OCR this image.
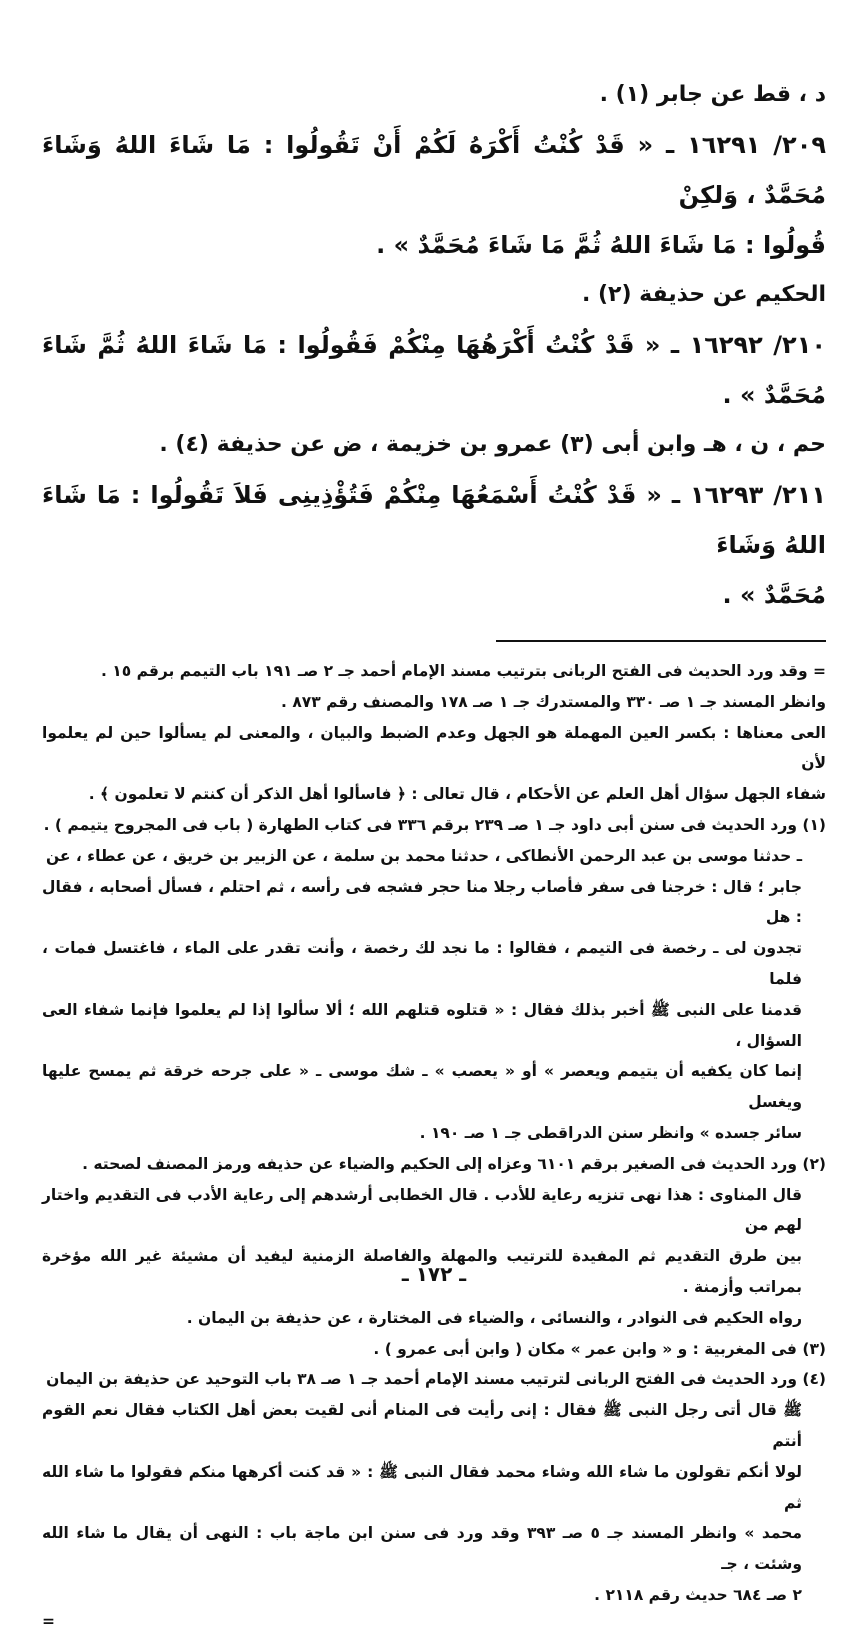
د ، قط عن جابر (١) .

٢٠٩/ ١٦٢٩١ ـ « قَدْ كُنْتُ أَكْرَهُ لَكُمْ أَنْ تَقُولُوا : مَا شَاءَ اللهُ وَشَاءَ مُحَمَّدٌ ، وَلكِنْ

قُولُوا : مَا شَاءَ اللهُ ثُمَّ مَا شَاءَ مُحَمَّدٌ » .

الحكيم عن حذيفة (٢) .

٢١٠/ ١٦٢٩٢ ـ « قَدْ كُنْتُ أَكْرَهُهَا مِنْكُمْ فَقُولُوا : مَا شَاءَ اللهُ ثُمَّ شَاءَ مُحَمَّدٌ » .

حم ، ن ، هـ وابن أبى (٣) عمرو بن خزيمة ، ض عن حذيفة (٤) .

٢١١/ ١٦٢٩٣ ـ « قَدْ كُنْتُ أَسْمَعُهَا مِنْكُمْ فَتُؤْذِينِى فَلاَ تَقُولُوا : مَا شَاءَ اللهُ وَشَاءَ

مُحَمَّدٌ » .

= وقد ورد الحديث فى الفتح الربانى بترتيب مسند الإمام أحمد جـ ٢ صـ ١٩١ باب التيمم برقم ١٥ .

وانظر المسند جـ ١ صـ ٣٣٠ والمستدرك جـ ١ صـ ١٧٨ والمصنف رقم ٨٧٣ .

العى معناها : بكسر العين المهملة هو الجهل وعدم الضبط والبيان ، والمعنى لم يسألوا حين لم يعلموا لأن

شفاء الجهل سؤال أهل العلم عن الأحكام ، قال تعالى : ﴿ فاسألوا أهل الذكر أن كنتم لا تعلمون ﴾ .

(١) ورد الحديث فى سنن أبى داود جـ ١ صـ ٢٣٩ برقم ٣٣٦ فى كتاب الطهارة ( باب فى المجروح يتيمم ) .

ـ حدثنا موسى بن عبد الرحمن الأنطاكى ، حدثنا محمد بن سلمة ، عن الزبير بن خريق ، عن عطاء ، عن

جابر ؛ قال : خرجنا فى سفر فأصاب رجلا منا حجر فشجه فى رأسه ، ثم احتلم ، فسأل أصحابه ، فقال : هل

تجدون لى ـ رخصة فى التيمم ، فقالوا : ما نجد لك رخصة ، وأنت تقدر على الماء ، فاغتسل فمات ، فلما

قدمنا على النبى ﷺ أخبر بذلك فقال : « قتلوه قتلهم الله ؛ ألا سألوا إذا لم يعلموا فإنما شفاء العى السؤال ،

إنما كان يكفيه أن يتيمم ويعصر » أو « يعصب » ـ شك موسى ـ « على جرحه خرقة ثم يمسح عليها ويغسل

سائر جسده » وانظر سنن الدراقطى جـ ١ صـ ١٩٠ .

(٢) ورد الحديث فى الصغير برقم ٦١٠١ وعزاه إلى الحكيم والضياء عن حذيفه ورمز المصنف لصحته .

قال المناوى : هذا نهى تنزيه رعاية للأدب . قال الخطابى أرشدهم إلى رعاية الأدب فى التقديم واختار لهم من

بين طرق التقديم ثم المفيدة للترتيب والمهلة والفاصلة الزمنية ليفيد أن مشيئة غير الله مؤخرة بمراتب وأزمنة .

رواه الحكيم فى النوادر ، والنسائى ، والضياء فى المختارة ، عن حذيفة بن اليمان .

(٣) فى المغربية : و « وابن عمر » مكان ( وابن أبى عمرو ) .

(٤) ورد الحديث فى الفتح الربانى لترتيب مسند الإمام أحمد جـ ١ صـ ٣٨ باب التوحيد عن حذيفة بن اليمان

ﷺ قال أتى رجل النبى ﷺ فقال : إنى رأيت فى المنام أنى لقيت بعض أهل الكتاب فقال نعم القوم أنتم

لولا أنكم تقولون ما شاء الله وشاء محمد فقال النبى ﷺ : « قد كنت أكرهها منكم فقولوا ما شاء الله ثم

محمد » وانظر المسند جـ ٥ صـ ٣٩٣ وقد ورد فى سنن ابن ماجة باب : النهى أن يقال ما شاء الله وشئت ، جـ

٢ صـ ٦٨٤ حديث رقم ٢١١٨ .

=

ـ ١٧٢ ـ
